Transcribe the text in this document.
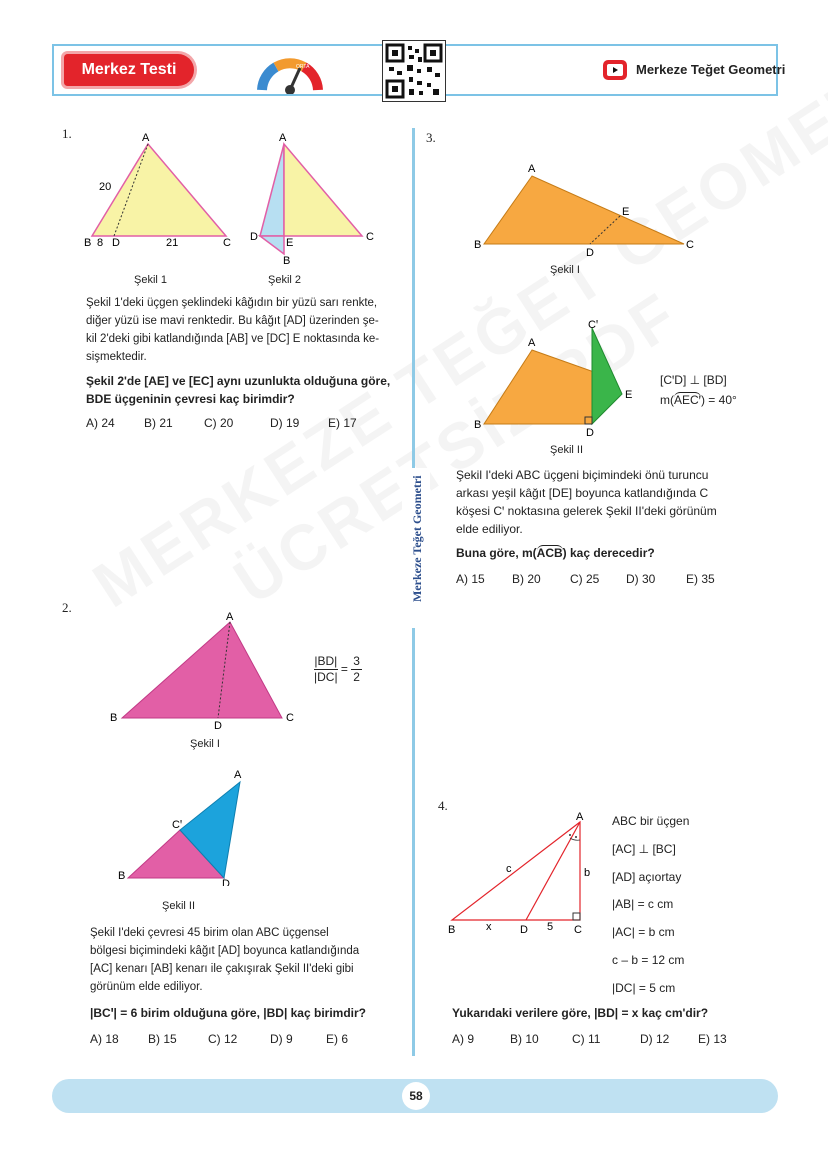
Merkez Testi	ORTA	Merkeze Teğet Geometri
Merkeze Teğet Geometri
1.	A
B 8 D	21	C
20
A
D	E	C
B
Şekil 1	Şekil 2
Şekil 1'deki üçgen şeklindeki kâğıdın bir yüzü sarı renkte,
diğer yüzü ise mavi renktedir. Bu kâğıt [AD] üzerinden şe-
kil 2'deki gibi katlandığında [AB] ve [DC] E noktasında ke-
sişmektedir.
Şekil 2'de [AE] ve [EC] aynı uzunlukta olduğuna göre,
BDE üçgeninin çevresi kaç birimdir?
A) 24 B) 21	C) 20	D) 19 E) 17
2.
A
B
D
C
$\frac{|BD|}{|DC|} = \frac{3}{2}$
Şekil I
A
Cꞌ
B
D
Şekil II
Şekil I'deki çevresi 45 birim olan ABC üçgensel
bölgesi biçimindeki kâğıt [AD] boyunca katlandığında
[AC] kenarı [AB] kenarı ile çakışırak Şekil II'deki gibi
görünüm elde ediliyor.
|BCꞌ| = 6 birim olduğuna göre, |BD| kaç birimdir?
A) 18 B) 15	C) 12	D) 9	E) 6
3.
A
B	C
D
E
Şekil I
A
B
Cꞌ
D
E
[CꞌD] ⊥ [BD]
m(AECꞌ) = 40°
Şekil II
Şekil I'deki ABC üçgeni biçimindeki önü turuncu
arkası yeşil kâğıt [DE] boyunca katlandığında C
köşesi Cꞌ noktasına gelerek Şekil II'deki görünüm
elde ediliyor.
Buna göre, m(ACB) kaç derecedir?
A) 15 B) 20 C) 25 D) 30	E) 35
4.
A
B	x	D 5 C
c	b
ABC bir üçgen
[AC] ⊥ [BC]
[AD] açıortay
|AB| = c cm
|AC| = b cm
c – b = 12 cm
|DC| = 5 cm
Yukarıdaki verilere göre, |BD| = x kaç cm'dir?
A) 9	B) 10	C) 11	D) 12 E) 13
58
